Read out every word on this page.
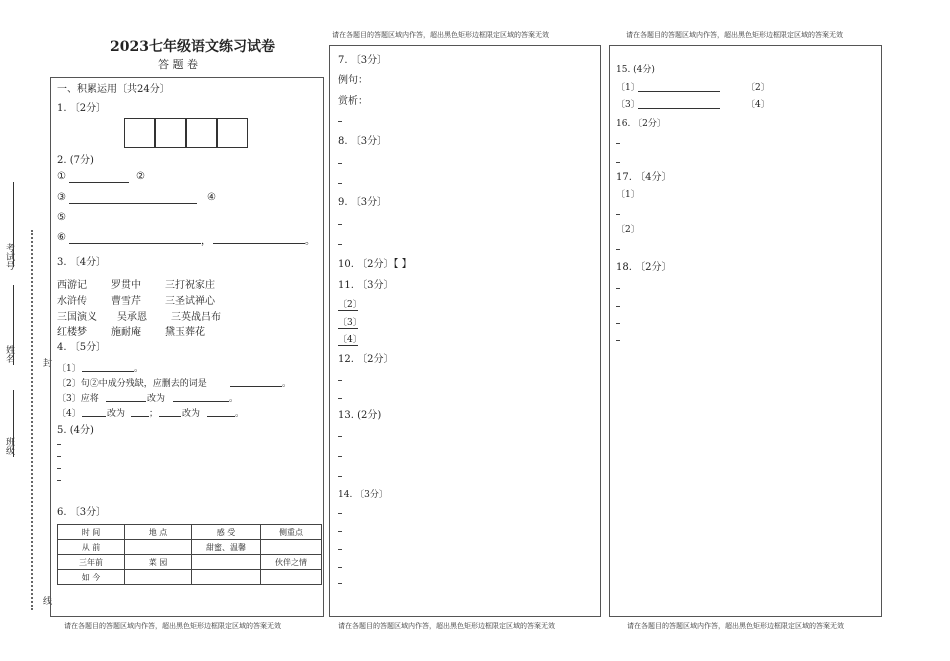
考试号
姓名
班级
封
线
2023七年级语文练习试卷
答 题 卷
请在各题目的答题区域内作答，超出黑色矩形边框限定区域的答案无效	请在各题目的答题区域内作答，超出黑色矩形边框限定区域的答案无效
请在各题目的答题区域内作答，超出黑色矩形边框限定区域的答案无效	请在各题目的答题区域内作答，超出黑色矩形边框限定区域的答案无效	请在各题目的答题区域内作答，超出黑色矩形边框限定区域的答案无效
一、积累运用〔共24分〕
1. 〔2分〕
2. (7分)
①	②
③	④
⑤
⑥	，	。
3. 〔4分〕
西游记 罗贯中 三打祝家庄
水浒传 曹雪芹 三圣试禅心
三国演义 吴承恩 三英战吕布
红楼梦 施耐庵 黛玉葬花
4. 〔5分〕
〔1〕	。
〔2〕句②中成分残缺，应删去的词是	。
〔3〕应将	改为	。
〔4〕	改为	；	改为	。
5. (4分)
6. 〔3分〕
时 间	地 点	感 受	侧重点
从 前		甜蜜、温馨	
三年前	菜 园		伙伴之情
如 今			
7. 〔3分〕
例句：
赏析：
8. 〔3分〕
9. 〔3分〕
10. 〔2分〕【 】
11. 〔3分〕
〔2〕
〔3〕
〔4〕
12. 〔2分〕
13. (2分)
14. 〔3分〕
15. (4分)
〔1〕	〔2〕
〔3〕	〔4〕
16. 〔2分〕
17. 〔4分〕
〔1〕
〔2〕
18. 〔2分〕
